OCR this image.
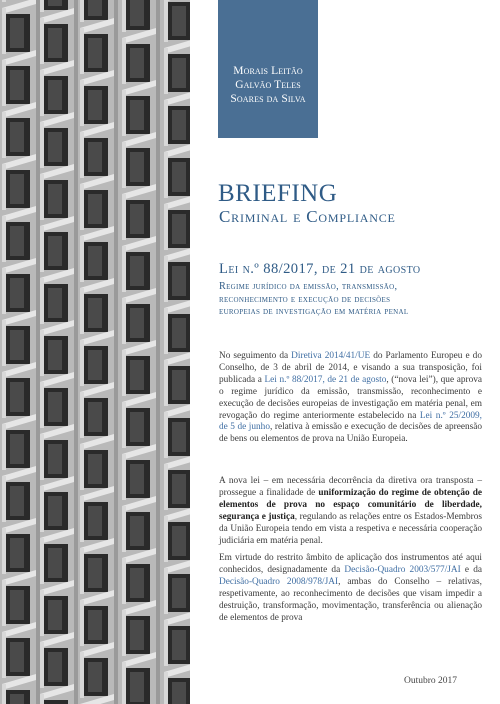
Morais Leitão
Galvão Teles
Soares da Silva
BRIEFING
Criminal e Compliance
Lei n.º 88/2017, de 21 de agosto
Regime jurídico da emissão, transmissão,
reconhecimento e execução de decisões
europeias de investigação em matéria penal
No seguimento da Diretiva 2014/41/UE do Parlamento Europeu e do Conselho, de 3 de abril de 2014, e visando a sua transposição, foi publicada a Lei n.º 88/2017, de 21 de agosto, (“nova lei”), que aprova o regime jurídico da emissão, transmissão, reconhecimento e execução de decisões europeias de investigação em matéria penal, em revogação do regime anteriormente estabelecido na Lei n.º 25/2009, de 5 de junho, relativa à emissão e execução de decisões de apreensão de bens ou elementos de prova na União Europeia.
A nova lei – em necessária decorrência da diretiva ora transposta – prossegue a finalidade de uniformização do regime de obtenção de elementos de prova no espaço comunitário de liberdade, segurança e justiça, regulando as relações entre os Estados-Membros da União Europeia tendo em vista a respetiva e necessária cooperação judiciária em matéria penal.
Em virtude do restrito âmbito de aplicação dos instrumentos até aqui conhecidos, designadamente da Decisão-Quadro 2003/577/JAI e da Decisão-Quadro 2008/978/JAI, ambas do Conselho – relativas, respetivamente, ao reconhecimento de decisões que visam impedir a destruição, transformação, movimentação, transferência ou alienação de elementos de prova
Outubro 2017
